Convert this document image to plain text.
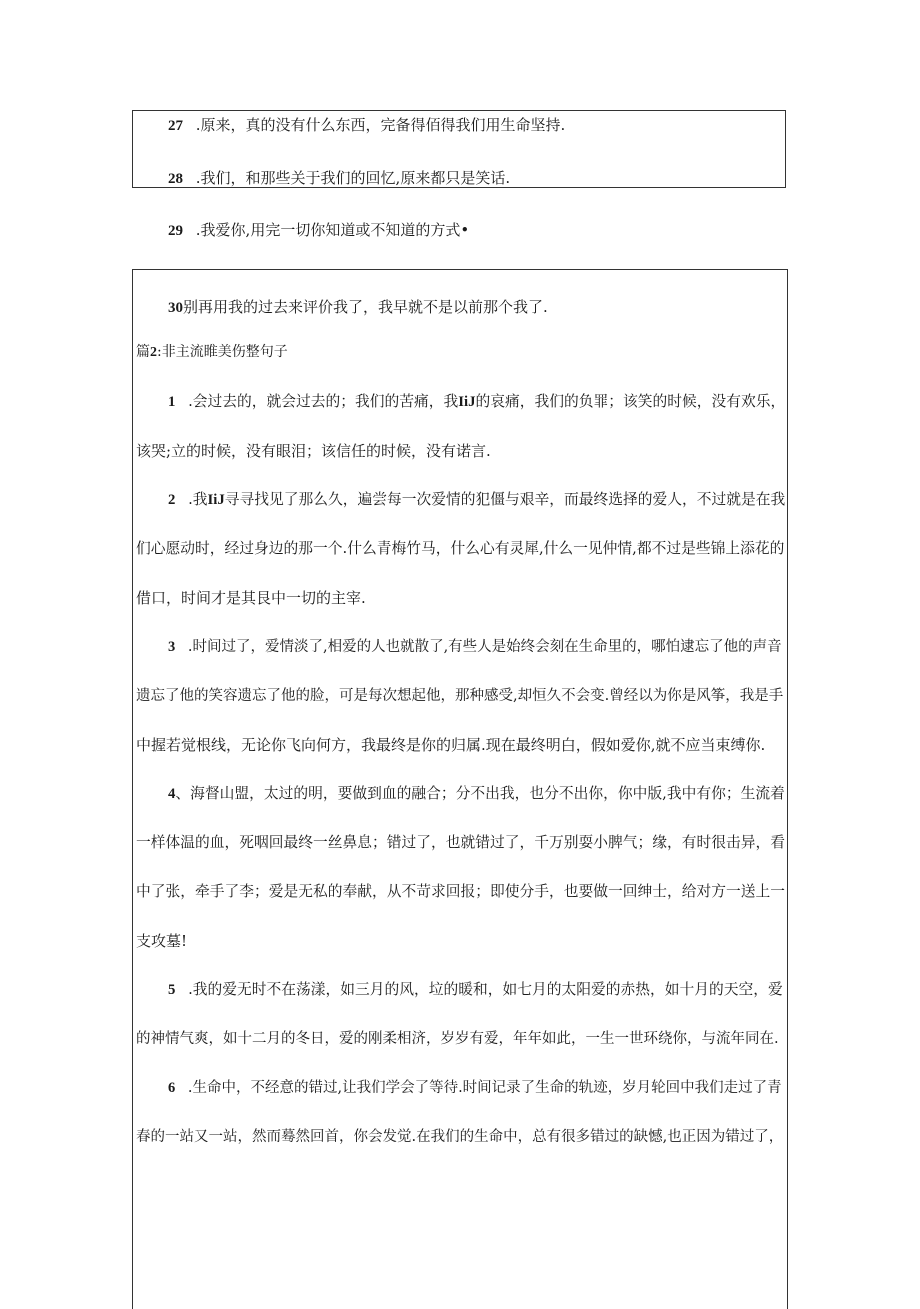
27 .原来，真的没有什么东西，完备得佰得我们用生命坚持.
28 .我们，和那些关于我们的回忆,原来都只是笑话.
29 .我爱你,用完一切你知道或不知道的方式•
30别再用我的过去来评价我了，我早就不是以前那个我了.
篇2:非主流睢美伤整句子
1 .会过去的，就会过去的；我们的苦痛，我IiJ的哀痛，我们的负罪；该笑的时候，没有欢乐，
该哭;立的时候，没有眼泪；该信任的时候，没有诺言.
2 .我IiJ寻寻找见了那么久，遍尝每一次爱情的犯僵与艰辛，而最终选择的爱人，不过就是在我
们心愿动时，经过身边的那一个.什么青梅竹马，什么心有灵犀,什么一见仲情,都不过是些锦上添花的
借口，时间才是其艮中一切的主宰.
3 .时间过了，爱情淡了,相爱的人也就散了,有些人是始终会刻在生命里的，哪怕逮忘了他的声音
遗忘了他的笑容遗忘了他的脸，可是每次想起他，那种感受,却恒久不会变.曾经以为你是风筝，我是手
中握若觉根线，无论你飞向何方，我最终是你的归属.现在最终明白，假如爱你,就不应当束缚你.
4、海督山盟，太过的明，要做到血的融合；分不出我，也分不出你，你中版,我中有你；生流着
一样体温的血，死咽回最终一丝鼻息；错过了，也就错过了，千万别耍小脾气；缘，有时很击异，看
中了张，牵手了李；爱是无私的奉献，从不苛求回报；即使分手，也要做一回绅士，给对方一送上一
支攻墓!
5 .我的爱无时不在荡漾，如三月的风，垃的暖和，如七月的太阳爱的赤热，如十月的天空，爱
的神情气爽，如十二月的冬日，爱的刚柔相济，岁岁有爱，年年如此，一生一世环绕你，与流年同在.
6 .生命中，不经意的错过,让我们学会了等待.时间记录了生命的轨迹，岁月轮回中我们走过了青
春的一站又一站，然而蓦然回首，你会发觉.在我们的生命中，总有很多错过的缺憾,也正因为错过了，
